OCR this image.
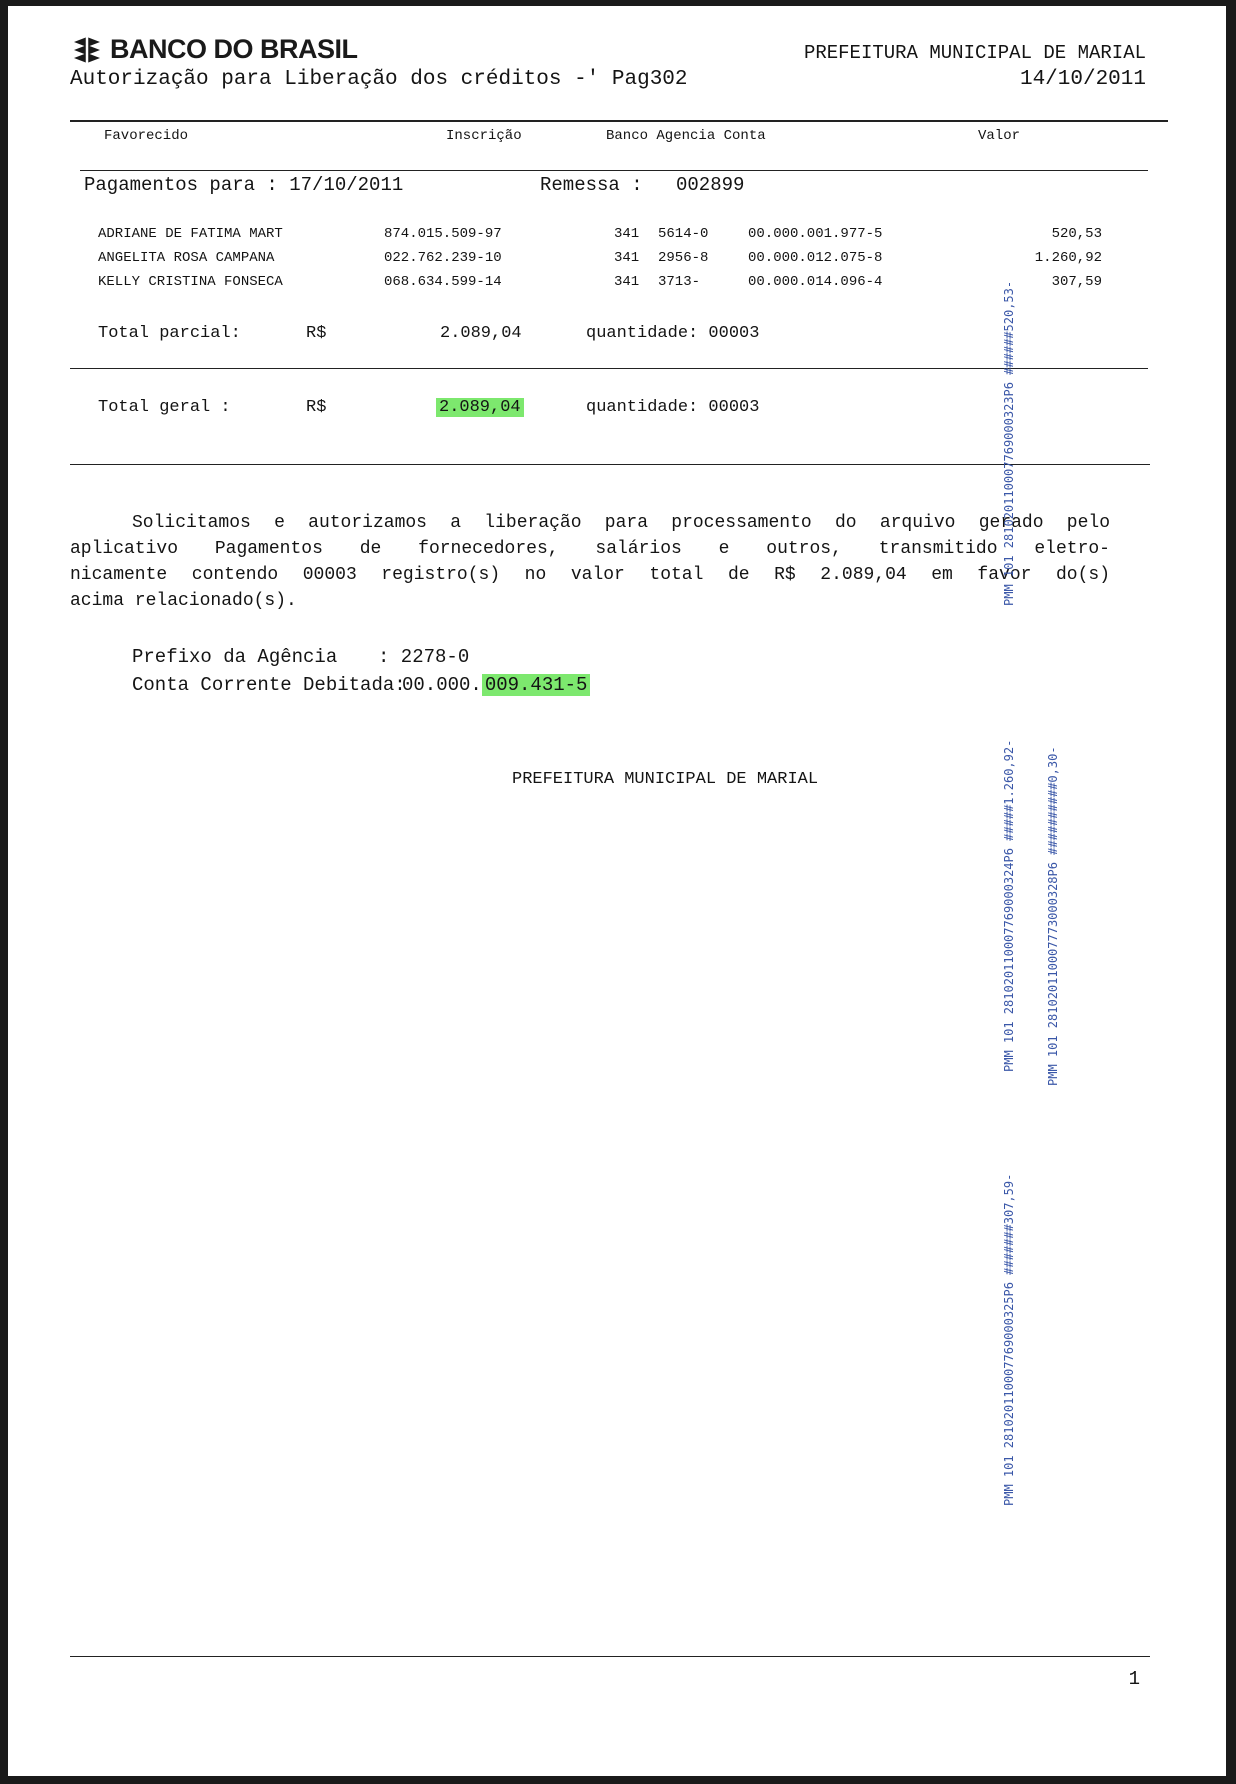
BANCO DO BRASIL
Autorização para Liberação dos créditos -' Pag302
PREFEITURA MUNICIPAL DE MARIAL
14/10/2011
Favorecido	Inscrição	Banco Agencia Conta	Valor
Pagamentos para : 17/10/2011	Remessa : 002899
ADRIANE DE FATIMA MART	874.015.509-97	341 5614-0	00.000.001.977-5	520,53
ANGELITA ROSA CAMPANA	022.762.239-10	341 2956-8	00.000.012.075-8	1.260,92
KELLY CRISTINA FONSECA	068.634.599-14	341 3713-	00.000.014.096-4	307,59
Total parcial:	R$	2.089,04	quantidade: 00003
Total geral :	R$	2.089,04	quantidade: 00003

Solicitamos e autorizamos a liberação para processamento do arquivo gerado pelo

aplicativo Pagamentos de fornecedores, salários e outros, transmitido eletro-

nicamente contendo 00003 registro(s) no valor total de R$ 2.089,04 em favor do(s)

acima relacionado(s).

Prefixo da Agência : 2278-0
Conta Corrente Debitada:
00.000. 009.431-5
PREFEITURA MUNICIPAL DE MARIAL
PMM 101 281020110007769000323P6 ######520,53-
PMM 101 281020110007769000324P6 #####1.260,92-	PMM 101 281020110007773000328P6 ##########0,30-
PMM 101 281020110007769000325P6 #######307,59-
1
